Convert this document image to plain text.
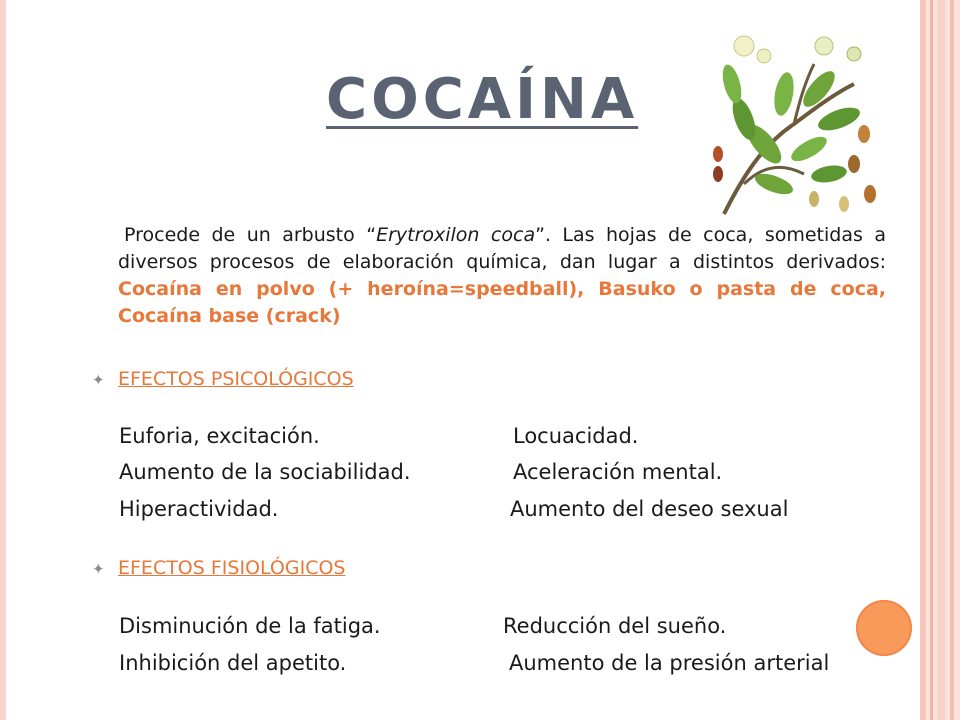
COCAÍNA

Procede de un arbusto “Erytroxilon coca”. Las hojas de coca, sometidas a diversos procesos de elaboración química, dan lugar a distintos derivados: Cocaína en polvo (+ heroína=speedball), Basuko o pasta de coca, Cocaína base (crack)

✦ EFECTOS PSICOLÓGICOS
Euforia, excitación.	Locuacidad.
Aumento de la sociabilidad.	Aceleración mental.
Hiperactividad.	Aumento del deseo sexual
✦ EFECTOS FISIOLÓGICOS
Disminución de la fatiga.	Reducción del sueño.
Inhibición del apetito.	Aumento de la presión arterial
